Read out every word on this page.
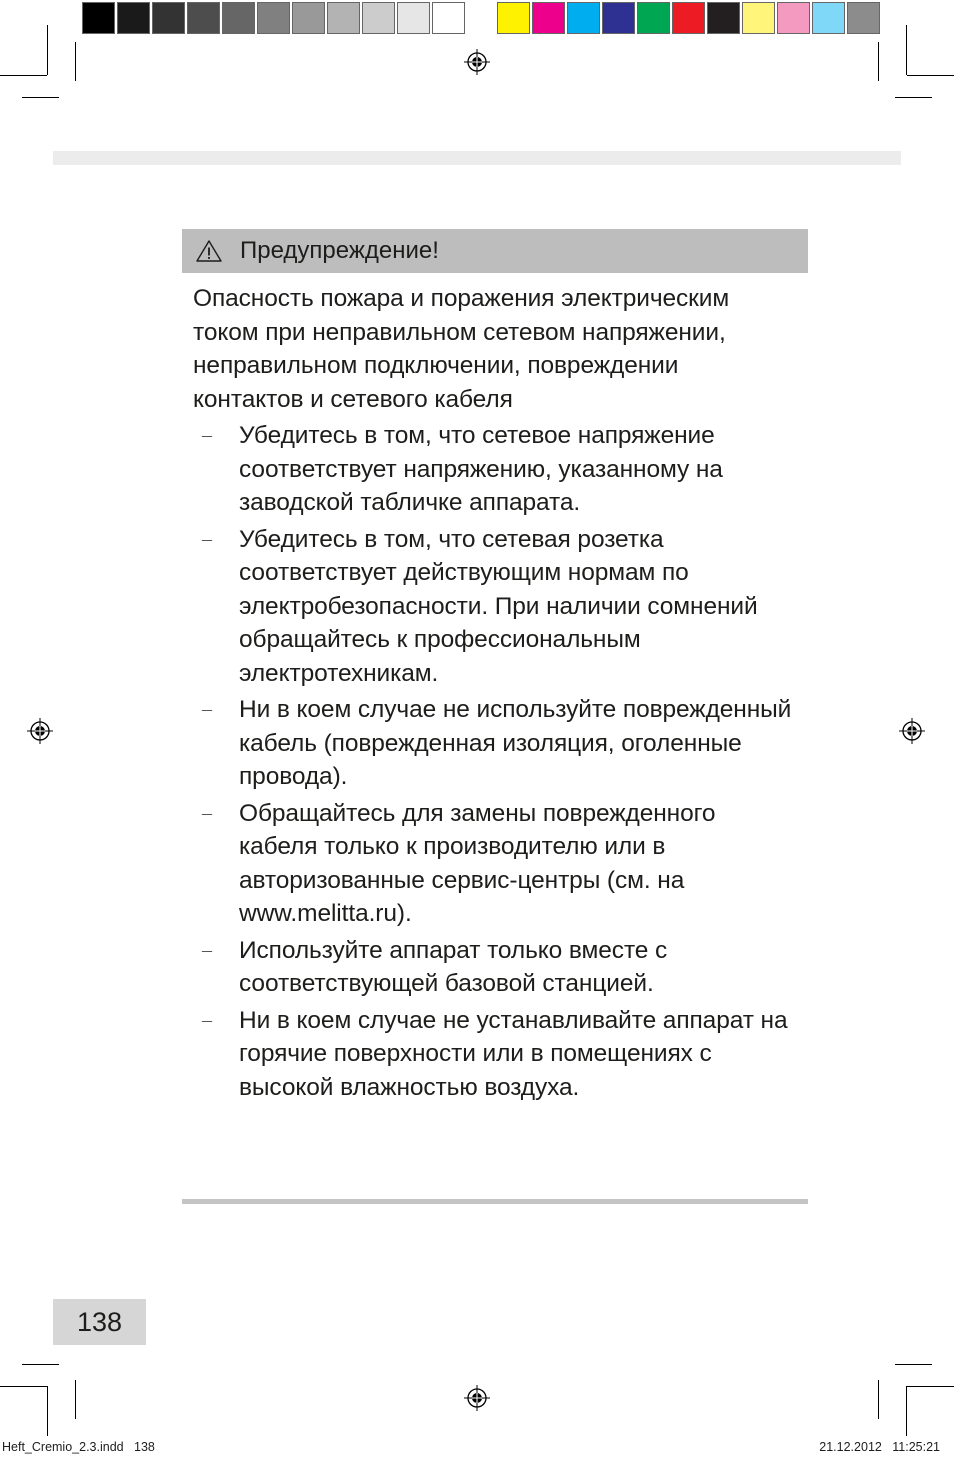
Предупреждение!

Опасность пожара и поражения электрическим током при неправильном сетевом напряжении, неправильном подключении, повреждении контактов и сетевого кабеля

– Убедитесь в том, что сетевое напряжение соответствует напряжению, указанному на заводской табличке аппарата.
– Убедитесь в том, что сетевая розетка соответствует действующим нормам по электробезопасности. При наличии сомнений обращайтесь к профессиональным электротехникам.
– Ни в коем случае не используйте поврежденный кабель (поврежденная изоляция, оголенные провода).
– Обращайтесь для замены поврежденного кабеля только к производителю или в авторизованные сервис-центры (см. на www.melitta.ru).
– Используйте аппарат только вместе с соответствующей базовой станцией.
– Ни в коем случае не устанавливайте аппарат на горячие поверхности или в помещениях с высокой влажностью воздуха.
138
Heft_Cremio_2.3.indd   138	21.12.2012   11:25:21
